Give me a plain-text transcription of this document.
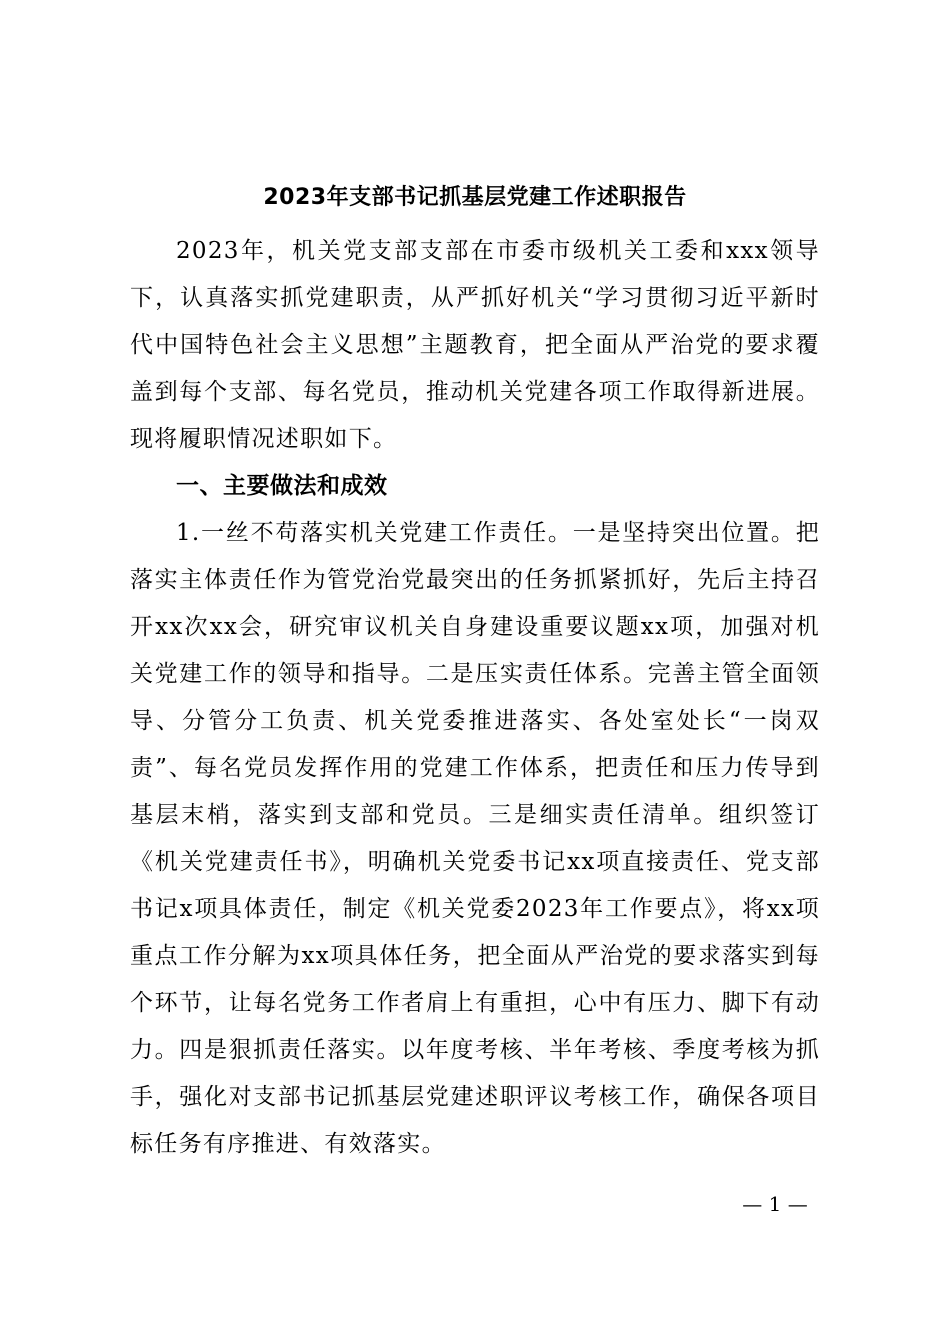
2023年支部书记抓基层党建工作述职报告

2023年，机关党支部支部在市委市级机关工委和xxx领导下，认真落实抓党建职责，从严抓好机关“学习贯彻习近平新时代中国特色社会主义思想”主题教育，把全面从严治党的要求覆盖到每个支部、每名党员，推动机关党建各项工作取得新进展。现将履职情况述职如下。

一、主要做法和成效

1.一丝不苟落实机关党建工作责任。一是坚持突出位置。把落实主体责任作为管党治党最突出的任务抓紧抓好，先后主持召开xx次xx会，研究审议机关自身建设重要议题xx项，加强对机关党建工作的领导和指导。二是压实责任体系。完善主管全面领导、分管分工负责、机关党委推进落实、各处室处长“一岗双责”、每名党员发挥作用的党建工作体系，把责任和压力传导到基层末梢，落实到支部和党员。三是细实责任清单。组织签订《机关党建责任书》，明确机关党委书记xx项直接责任、党支部书记x项具体责任，制定《机关党委2023年工作要点》，将xx项重点工作分解为xx项具体任务，把全面从严治党的要求落实到每个环节，让每名党务工作者肩上有重担，心中有压力、脚下有动力。四是狠抓责任落实。以年度考核、半年考核、季度考核为抓手，强化对支部书记抓基层党建述职评议考核工作，确保各项目标任务有序推进、有效落实。

— 1 —
